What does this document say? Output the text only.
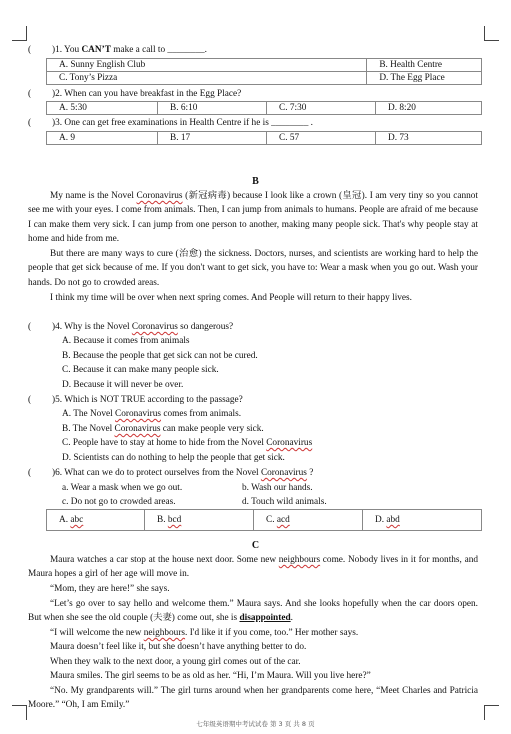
( )1. You CAN’T make a call to ________.
A. Sunny English Club	B. Health Centre
C. Tony’s Pizza	D. The Egg Place
( )2. When can you have breakfast in the Egg Place?
A. 5:30	B. 6:10	C. 7:30	D. 8:20
( )3. One can get free examinations in Health Centre if he is ________ .
A. 9	B. 17	C. 57	D. 73
B
My name is the Novel Coronavirus (新冠病毒) because I look like a crown (皇冠). I am very tiny so you cannot see me with your eyes. I come from animals. Then, I can jump from animals to humans. People are afraid of me because I can make them very sick. I can jump from one person to another, making many people sick. That's why people stay at home and hide from me.
But there are many ways to cure (治愈) the sickness. Doctors, nurses, and scientists are working hard to help the people that get sick because of me. If you don't want to get sick, you have to: Wear a mask when you go out. Wash your hands. Do not go to crowded areas.
I think my time will be over when next spring comes. And People will return to their happy lives.
( )4. Why is the Novel Coronavirus so dangerous?
A. Because it comes from animals
B. Because the people that get sick can not be cured.
C. Because it can make many people sick.
D. Because it will never be over.
( )5. Which is NOT TRUE according to the passage?
A. The Novel Coronavirus comes from animals.
B. The Novel Coronavirus can make people very sick.
C. People have to stay at home to hide from the Novel Coronavirus
D. Scientists can do nothing to help the people that get sick.
( )6. What can we do to protect ourselves from the Novel Coronavirus ?
a. Wear a mask when we go out.	b. Wash our hands.
c. Do not go to crowded areas.	d. Touch wild animals.
A. abc	B. bcd	C. acd	D. abd
C
Maura watches a car stop at the house next door. Some new neighbours come. Nobody lives in it for months, and Maura hopes a girl of her age will move in.
“Mom, they are here!” she says.
“Let’s go over to say hello and welcome them.” Maura says. And she looks hopefully when the car doors open. But when she see the old couple (夫妻) come out, she is disappointed.
“I will welcome the new neighbours. I'd like it if you come, too.” Her mother says.
Maura doesn’t feel like it, but she doesn’t have anything better to do.
When they walk to the next door, a young girl comes out of the car.
Maura smiles. The girl seems to be as old as her. “Hi, I’m Maura. Will you live here?”
“No. My grandparents will.” The girl turns around when her grandparents come here, “Meet Charles and Patricia Moore.” “Oh, I am Emily.”
七年级英语期中考试试卷 第 3 页 共 8 页
